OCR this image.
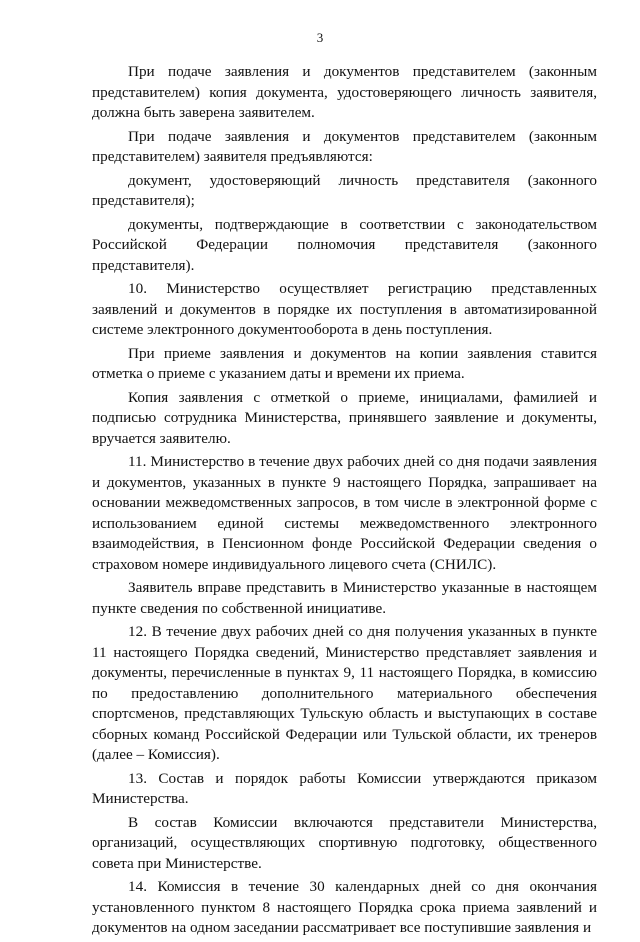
3

При подаче заявления и документов представителем (законным представителем) копия документа, удостоверяющего личность заявителя, должна быть заверена заявителем.

При подаче заявления и документов представителем (законным представителем) заявителя предъявляются:

документ, удостоверяющий личность представителя (законного представителя);

документы, подтверждающие в соответствии с законодательством Российской Федерации полномочия представителя (законного представителя).

10. Министерство осуществляет регистрацию представленных заявлений и документов в порядке их поступления в автоматизированной системе электронного документооборота в день поступления.

При приеме заявления и документов на копии заявления ставится отметка о приеме с указанием даты и времени их приема.

Копия заявления с отметкой о приеме, инициалами, фамилией и подписью сотрудника Министерства, принявшего заявление и документы, вручается заявителю.

11. Министерство в течение двух рабочих дней со дня подачи заявления и документов, указанных в пункте 9 настоящего Порядка, запрашивает на основании межведомственных запросов, в том числе в электронной форме с использованием единой системы межведомственного электронного взаимодействия, в Пенсионном фонде Российской Федерации сведения о страховом номере индивидуального лицевого счета (СНИЛС).

Заявитель вправе представить в Министерство указанные в настоящем пункте сведения по собственной инициативе.

12. В течение двух рабочих дней со дня получения указанных в пункте 11 настоящего Порядка сведений, Министерство представляет заявления и документы, перечисленные в пунктах 9, 11 настоящего Порядка, в комиссию по предоставлению дополнительного материального обеспечения спортсменов, представляющих Тульскую область и выступающих в составе сборных команд Российской Федерации или Тульской области, их тренеров (далее – Комиссия).

13. Состав и порядок работы Комиссии утверждаются приказом Министерства.

В состав Комиссии включаются представители Министерства, организаций, осуществляющих спортивную подготовку, общественного совета при Министерстве.

14. Комиссия в течение 30 календарных дней со дня окончания установленного пунктом 8 настоящего Порядка срока приема заявлений и документов на одном заседании рассматривает все поступившие заявления и
